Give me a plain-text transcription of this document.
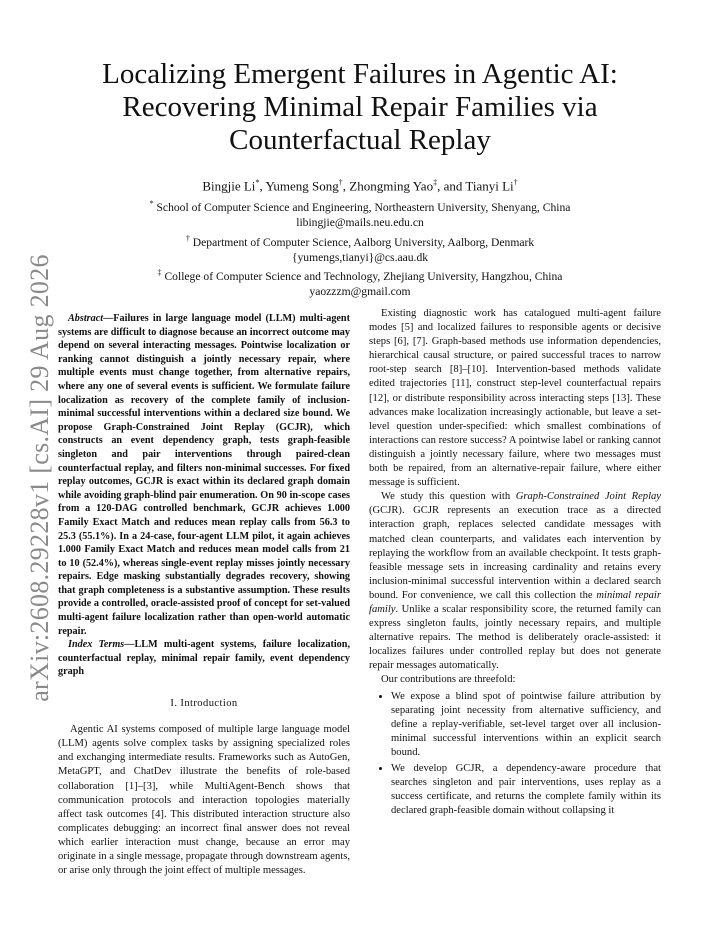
arXiv:2608.29228v1 [cs.AI] 29 Aug 2026
Localizing Emergent Failures in Agentic AI:
Recovering Minimal Repair Families via
Counterfactual Replay

Bingjie Li*, Yumeng Song†, Zhongming Yao‡, and Tianyi Li†

* School of Computer Science and Engineering, Northeastern University, Shenyang, China

libingjie@mails.neu.edu.cn

† Department of Computer Science, Aalborg University, Aalborg, Denmark

{yumengs,tianyi}@cs.aau.dk

‡ College of Computer Science and Technology, Zhejiang University, Hangzhou, China

yaozzzm@gmail.com

Abstract—Failures in large language model (LLM) multi-agent systems are difficult to diagnose because an incorrect outcome may depend on several interacting messages. Pointwise localization or ranking cannot distinguish a jointly necessary repair, where multiple events must change together, from alternative repairs, where any one of several events is sufficient. We formulate failure localization as recovery of the complete family of inclusion-minimal successful interventions within a declared size bound. We propose Graph-Constrained Joint Replay (GCJR), which constructs an event dependency graph, tests graph-feasible singleton and pair interventions through paired-clean counterfactual replay, and filters non-minimal successes. For fixed replay outcomes, GCJR is exact within its declared graph domain while avoiding graph-blind pair enumeration. On 90 in-scope cases from a 120-DAG controlled benchmark, GCJR achieves 1.000 Family Exact Match and reduces mean replay calls from 56.3 to 25.3 (55.1%). In a 24-case, four-agent LLM pilot, it again achieves 1.000 Family Exact Match and reduces mean model calls from 21 to 10 (52.4%), whereas single-event replay misses jointly necessary repairs. Edge masking substantially degrades recovery, showing that graph completeness is a substantive assumption. These results provide a controlled, oracle-assisted proof of concept for set-valued multi-agent failure localization rather than open-world automatic repair.

Index Terms—LLM multi-agent systems, failure localization, counterfactual replay, minimal repair family, event dependency graph

I. Introduction

Agentic AI systems composed of multiple large language model (LLM) agents solve complex tasks by assigning specialized roles and exchanging intermediate results. Frameworks such as AutoGen, MetaGPT, and ChatDev illustrate the benefits of role-based collaboration [1]–[3], while MultiAgent-Bench shows that communication protocols and interaction topologies materially affect task outcomes [4]. This distributed interaction structure also complicates debugging: an incorrect final answer does not reveal which earlier interaction must change, because an error may originate in a single message, propagate through downstream agents, or arise only through the joint effect of multiple messages.

Existing diagnostic work has catalogued multi-agent failure modes [5] and localized failures to responsible agents or decisive steps [6], [7]. Graph-based methods use information dependencies, hierarchical causal structure, or paired successful traces to narrow root-step search [8]–[10]. Intervention-based methods validate edited trajectories [11], construct step-level counterfactual repairs [12], or distribute responsibility across interacting steps [13]. These advances make localization increasingly actionable, but leave a set-level question under-specified: which smallest combinations of interactions can restore success? A pointwise label or ranking cannot distinguish a jointly necessary failure, where two messages must both be repaired, from an alternative-repair failure, where either message is sufficient.

We study this question with Graph-Constrained Joint Replay (GCJR). GCJR represents an execution trace as a directed interaction graph, replaces selected candidate messages with matched clean counterparts, and validates each intervention by replaying the workflow from an available checkpoint. It tests graph-feasible message sets in increasing cardinality and retains every inclusion-minimal successful intervention within a declared search bound. For convenience, we call this collection the minimal repair family. Unlike a scalar responsibility score, the returned family can express singleton faults, jointly necessary repairs, and multiple alternative repairs. The method is deliberately oracle-assisted: it localizes failures under controlled replay but does not generate repair messages automatically.

Our contributions are threefold:

• We expose a blind spot of pointwise failure attribution by separating joint necessity from alternative sufficiency, and define a replay-verifiable, set-level target over all inclusion-minimal successful interventions within an explicit search bound.
• We develop GCJR, a dependency-aware procedure that searches singleton and pair interventions, uses replay as a success certificate, and returns the complete family within its declared graph-feasible domain without collapsing it
